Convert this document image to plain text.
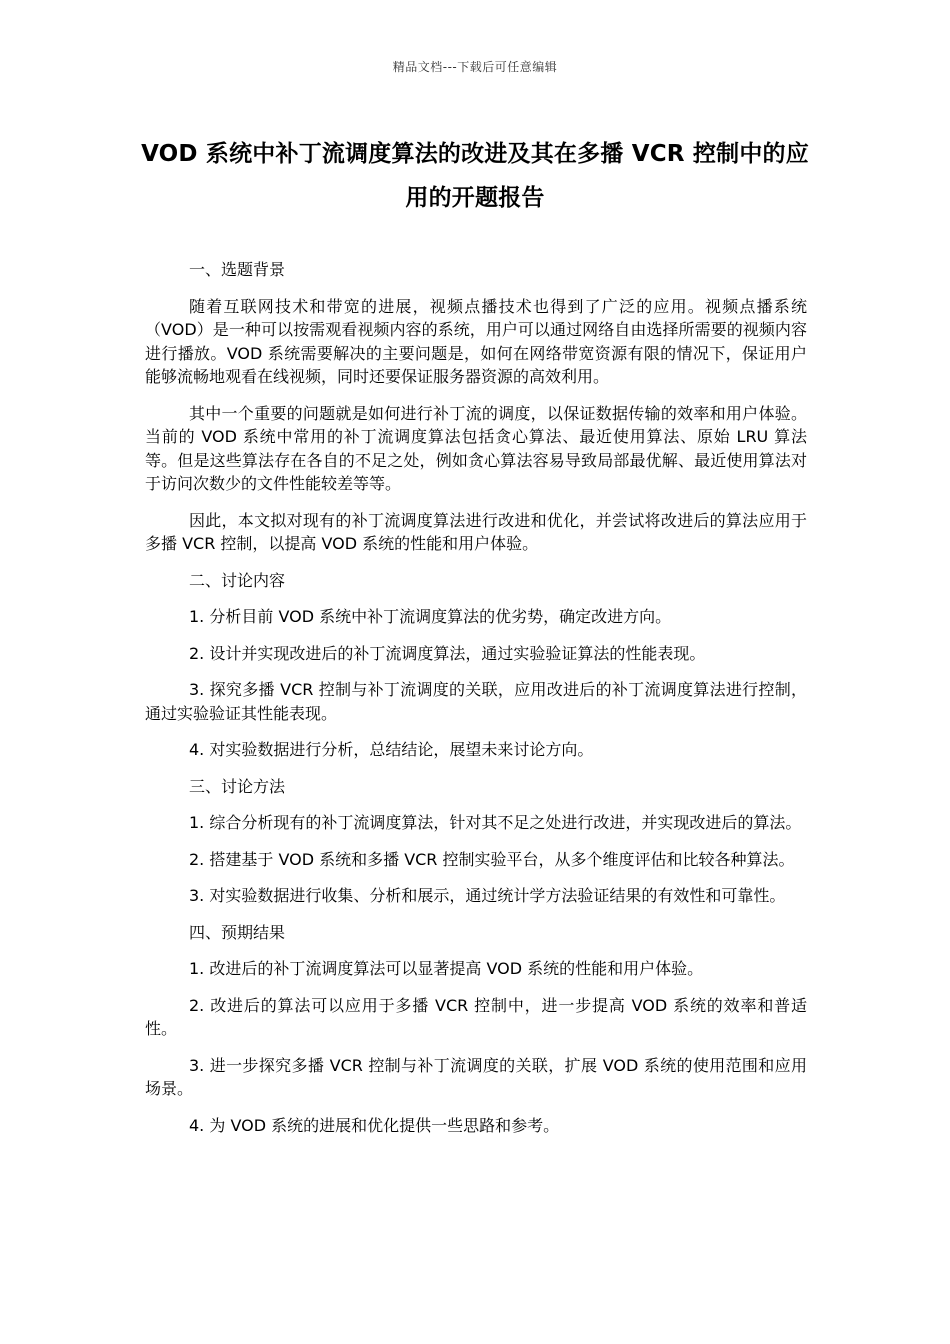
精品文档---下载后可任意编辑
VOD 系统中补丁流调度算法的改进及其在多播 VCR 控制中的应用的开题报告

一、选题背景

随着互联网技术和带宽的进展，视频点播技术也得到了广泛的应用。视频点播系统（VOD）是一种可以按需观看视频内容的系统，用户可以通过网络自由选择所需要的视频内容进行播放。VOD 系统需要解决的主要问题是，如何在网络带宽资源有限的情况下，保证用户能够流畅地观看在线视频，同时还要保证服务器资源的高效利用。

其中一个重要的问题就是如何进行补丁流的调度，以保证数据传输的效率和用户体验。当前的 VOD 系统中常用的补丁流调度算法包括贪心算法、最近使用算法、原始 LRU 算法等。但是这些算法存在各自的不足之处，例如贪心算法容易导致局部最优解、最近使用算法对于访问次数少的文件性能较差等等。

因此，本文拟对现有的补丁流调度算法进行改进和优化，并尝试将改进后的算法应用于多播 VCR 控制，以提高 VOD 系统的性能和用户体验。

二、讨论内容

1. 分析目前 VOD 系统中补丁流调度算法的优劣势，确定改进方向。

2. 设计并实现改进后的补丁流调度算法，通过实验验证算法的性能表现。

3. 探究多播 VCR 控制与补丁流调度的关联，应用改进后的补丁流调度算法进行控制，通过实验验证其性能表现。

4. 对实验数据进行分析，总结结论，展望未来讨论方向。

三、讨论方法

1. 综合分析现有的补丁流调度算法，针对其不足之处进行改进，并实现改进后的算法。

2. 搭建基于 VOD 系统和多播 VCR 控制实验平台，从多个维度评估和比较各种算法。

3. 对实验数据进行收集、分析和展示，通过统计学方法验证结果的有效性和可靠性。

四、预期结果

1. 改进后的补丁流调度算法可以显著提高 VOD 系统的性能和用户体验。

2. 改进后的算法可以应用于多播 VCR 控制中，进一步提高 VOD 系统的效率和普适性。

3. 进一步探究多播 VCR 控制与补丁流调度的关联，扩展 VOD 系统的使用范围和应用场景。

4. 为 VOD 系统的进展和优化提供一些思路和参考。
